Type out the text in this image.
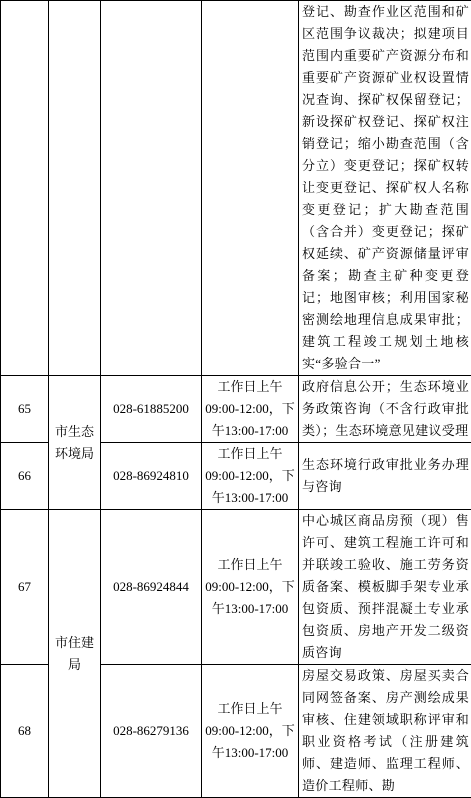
				登记、勘查作业区范围和矿区范围争议裁决；拟建项目范围内重要矿产资源分布和重要矿产资源矿业权设置情况查询、探矿权保留登记；新设探矿权登记、探矿权注销登记；缩小勘查范围（含分立）变更登记；探矿权转让变更登记、探矿权人名称变更登记；扩大勘查范围（含合并）变更登记；探矿权延续、矿产资源储量评审备案；勘查主矿种变更登记；地图审核；利用国家秘密测绘地理信息成果审批；建筑工程竣工规划土地核实“多验合一”

65	市生态环境局	028-61885200	工作日上午09:00-12:00，下午13:00-17:00	政府信息公开；生态环境业务政策咨询（不含行政审批类）；生态环境意见建议受理

66		028-86924810	工作日上午09:00-12:00，下午13:00-17:00	生态环境行政审批业务办理与咨询

67	市住建局	028-86924844	工作日上午09:00-12:00，下午13:00-17:00	中心城区商品房预（现）售许可、建筑工程施工许可和并联竣工验收、施工劳务资质备案、模板脚手架专业承包资质、预拌混凝土专业承包资质、房地产开发二级资质咨询

68		028-86279136	工作日上午09:00-12:00，下午13:00-17:00	房屋交易政策、房屋买卖合同网签备案、房产测绘成果审核、住建领域职称评审和职业资格考试（注册建筑师、建造师、监理工程师、造价工程师、勘
